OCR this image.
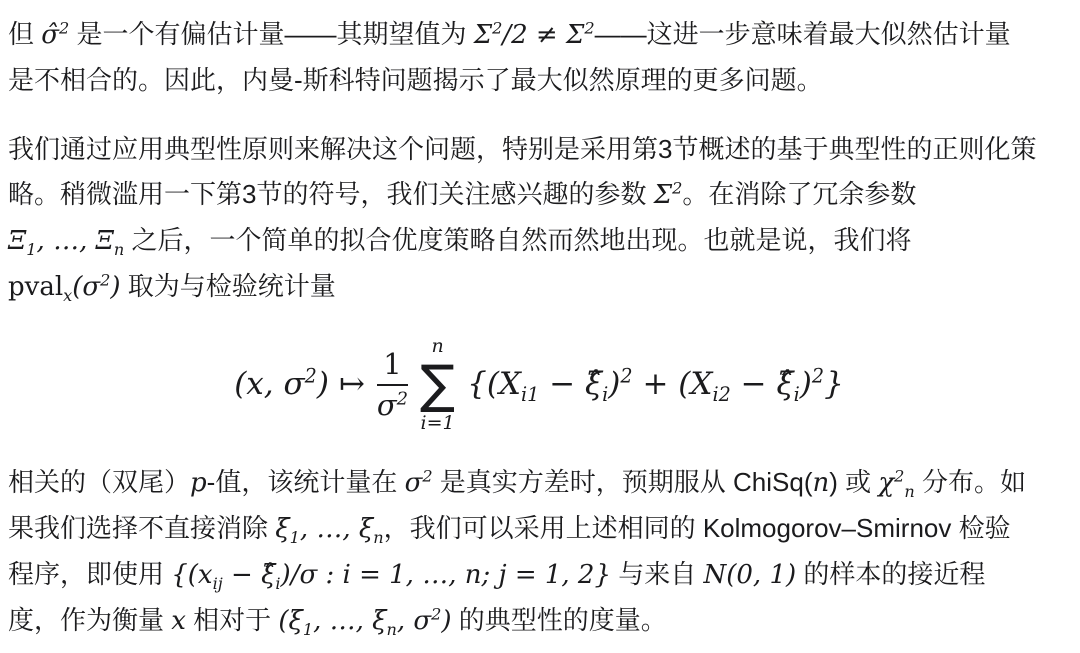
但 σ̂$^2$ 是一个有偏估计量——其期望值为 $\Sigma^2/2$ ≠ $\Sigma^2——$这进一步意味着最大似然估计量
是不相合的。因此，内曼-斯科特问题揭示了最大似然原理的更多问题。
我们通过应用典型性原则来解决这个问题，特别是采用第3节概述的基于典型性的正则化策
略。稍微滥用一下第3节的符号，我们关注感兴趣的参数 $\Sigma^2$。在消除了冗余参数
$\Xi_1$, …, $\Xi_n$ 之后，一个简单的拟合优度策略自然而然地出现。也就是说，我们将
$pval_x(\sigma^2)$ 取为与检验统计量
(x, $\sigma^2$) ↦ $\frac{1}{\sigma^2}$
n
∑
i=1
{($X_{i1}$ − $\xî_i)^2 + (X_{i2}$ − $\xî_i)^2$}
相关的（双尾）p-值，该统计量在 $\sigma^2$ 是真实方差时，预期服从 ChiSq(n) 或 $\chi^2_n$ 分布。如
果我们选择不直接消除 $\xi_1$, …, $\xi_n$，我们可以采用上述相同的 Kolmogorov–Smirnov 检验
程序，即使用 {($x_{ij}$ − $\xî_i)/\sigma$ : i = 1, …, n; j = 1, 2} 与来自 N(0, 1) 的样本的接近程
度，作为衡量 x 相对于 ($\xi_1$, …, $\xi_n$, $\sigma^2$) 的典型性的度量。
